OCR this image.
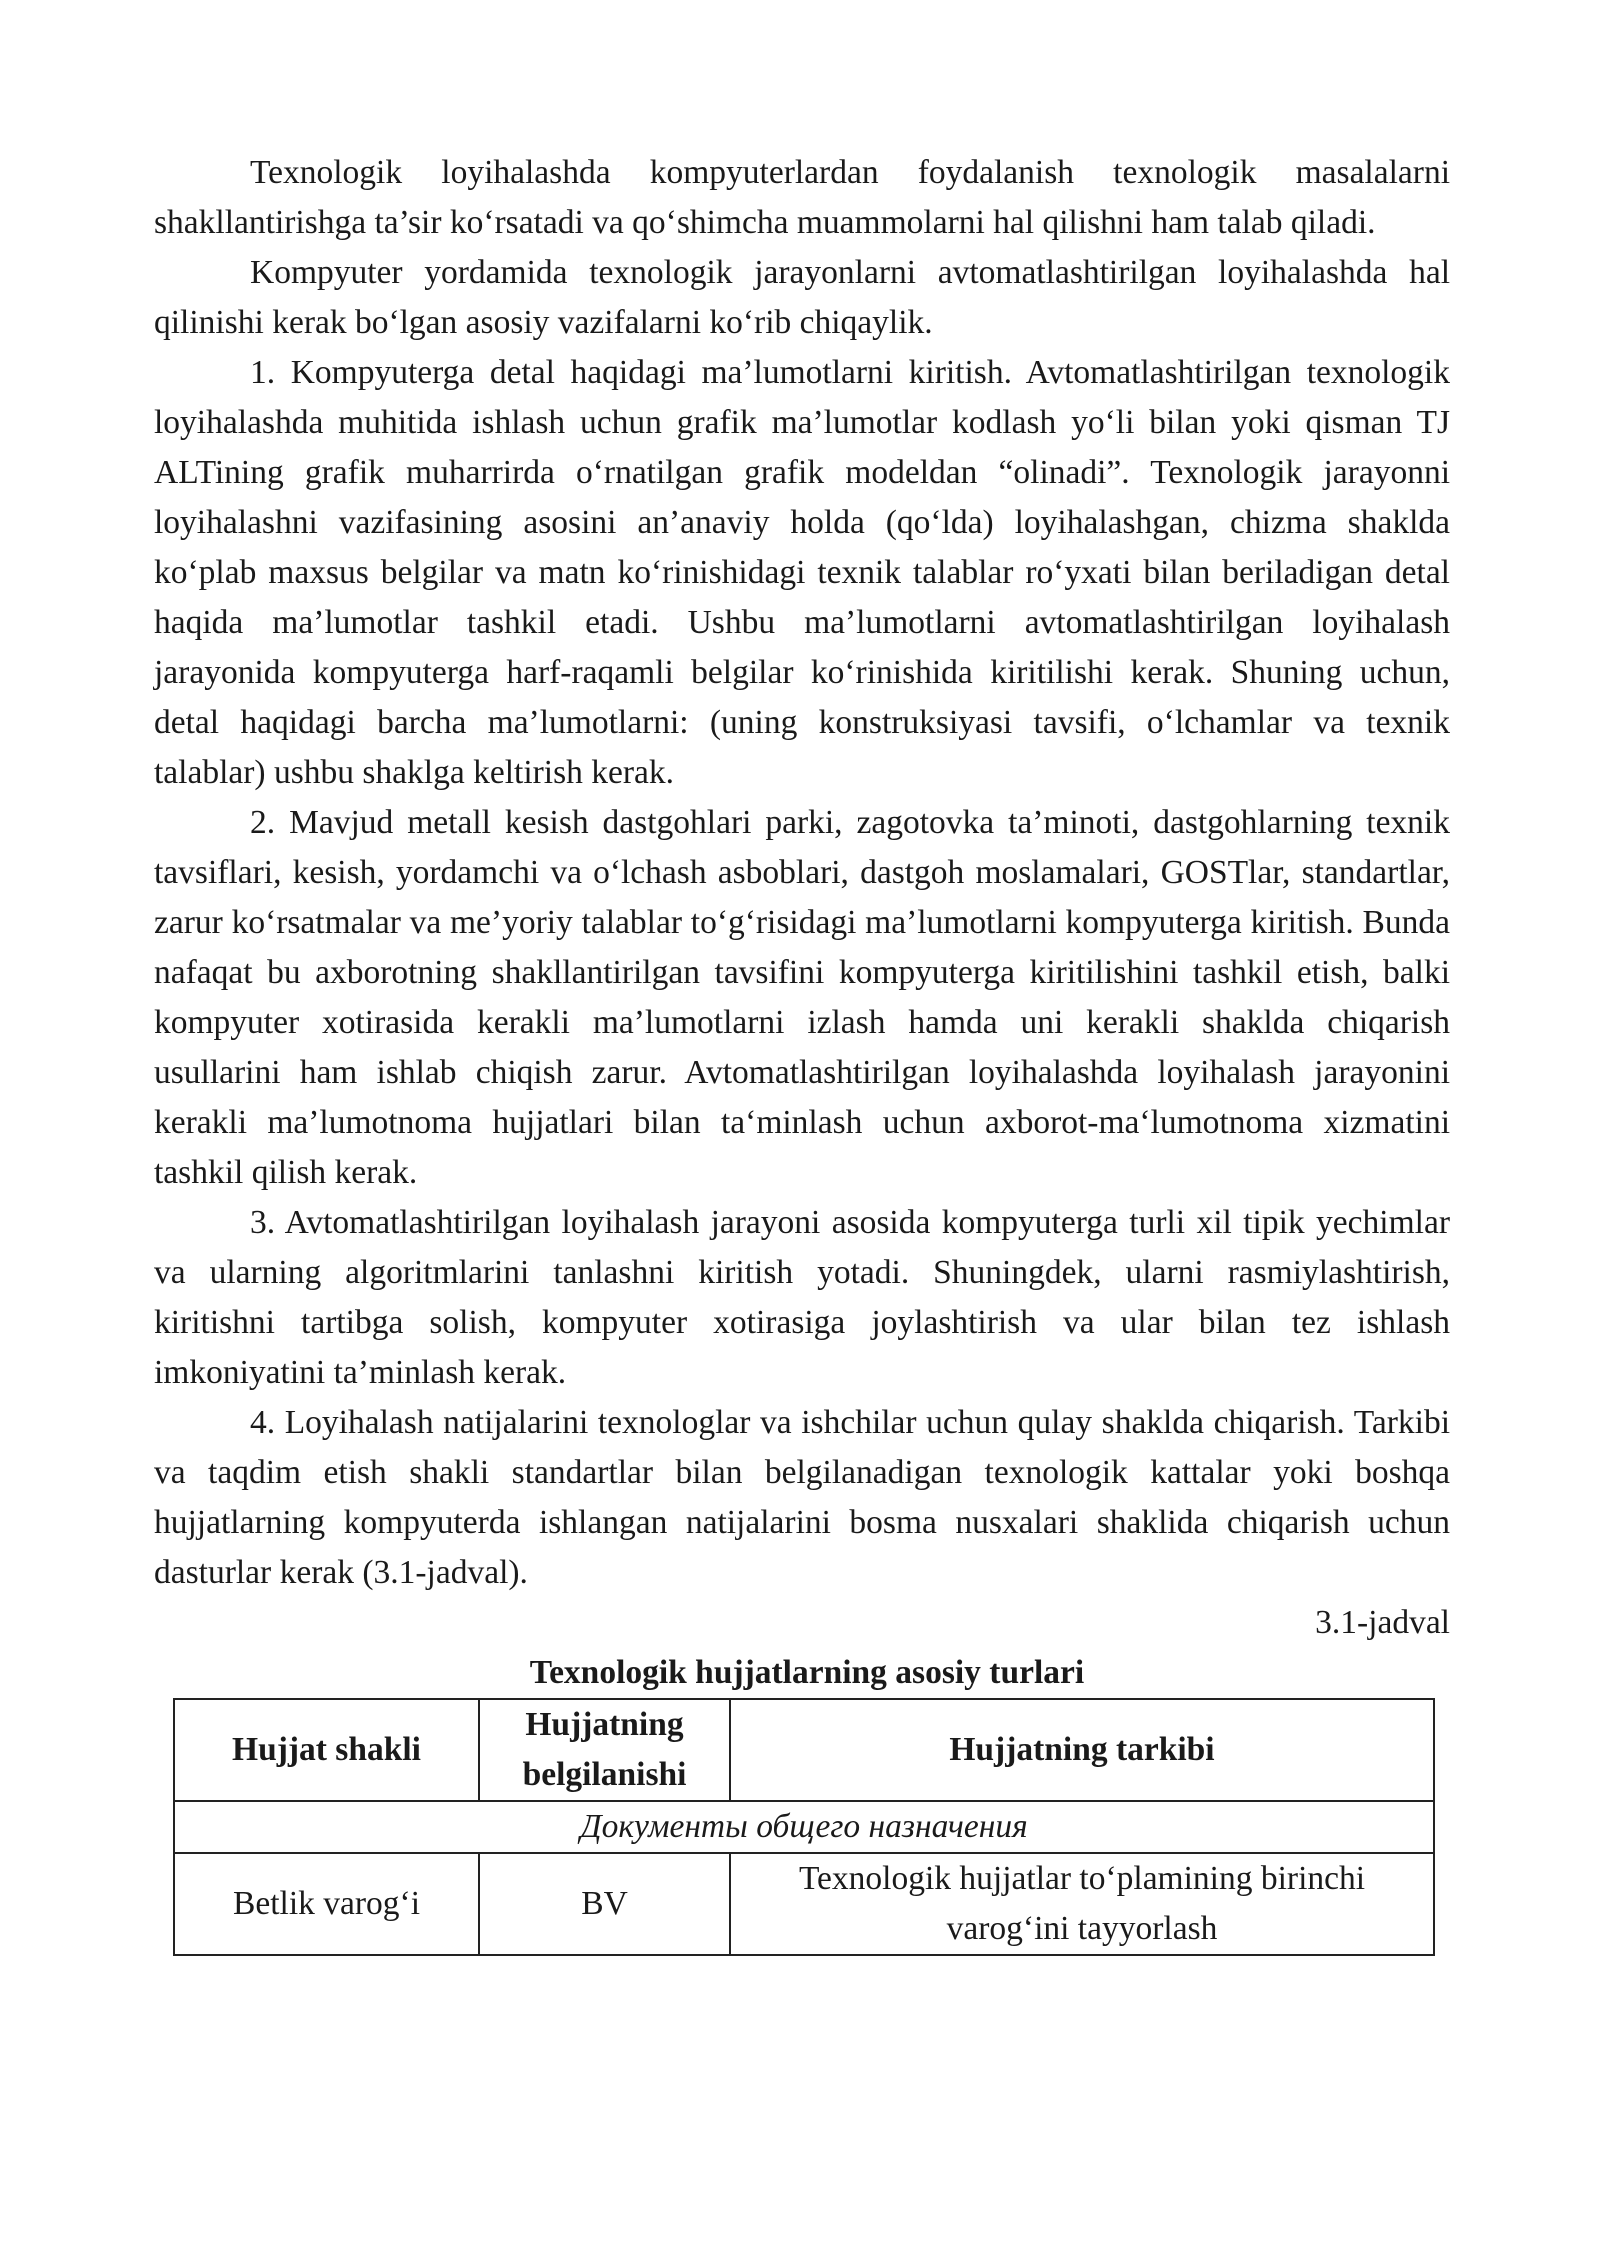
Texnologik loyihalashda kompyuterlardan foydalanish texnologik masalalarni shakllantirishga ta’sir ko‘rsatadi va qo‘shimcha muammolarni hal qilishni ham talab qiladi.

Kompyuter yordamida texnologik jarayonlarni avtomatlashtirilgan loyihalashda hal qilinishi kerak bo‘lgan asosiy vazifalarni ko‘rib chiqaylik.

1. Kompyuterga detal haqidagi ma’lumotlarni kiritish. Avtomatlashtirilgan texnologik loyihalashda muhitida ishlash uchun grafik ma’lumotlar kodlash yo‘li bilan yoki qisman TJ ALTining grafik muharrirda o‘rnatilgan grafik modeldan “olinadi”. Texnologik jarayonni loyihalashni vazifasining asosini an’anaviy holda (qo‘lda) loyihalashgan, chizma shaklda ko‘plab maxsus belgilar va matn ko‘rinishidagi texnik talablar ro‘yxati bilan beriladigan detal haqida ma’lumotlar tashkil etadi. Ushbu ma’lumotlarni avtomatlashtirilgan loyihalash jarayonida kompyuterga harf-raqamli belgilar ko‘rinishida kiritilishi kerak. Shuning uchun, detal haqidagi barcha ma’lumotlarni: (uning konstruksiyasi tavsifi, o‘lchamlar va texnik talablar) ushbu shaklga keltirish kerak.

2. Mavjud metall kesish dastgohlari parki, zagotovka ta’minoti, dastgohlarning texnik tavsiflari, kesish, yordamchi va o‘lchash asboblari, dastgoh moslamalari, GOSTlar, standartlar, zarur ko‘rsatmalar va me’yoriy talablar to‘g‘risidagi ma’lumotlarni kompyuterga kiritish. Bunda nafaqat bu axborotning shakllantirilgan tavsifini kompyuterga kiritilishini tashkil etish, balki kompyuter xotirasida kerakli ma’lumotlarni izlash hamda uni kerakli shaklda chiqarish usullarini ham ishlab chiqish zarur. Avtomatlashtirilgan loyihalashda loyihalash jarayonini kerakli ma’lumotnoma hujjatlari bilan ta‘minlash uchun axborot-ma‘lumotnoma xizmatini tashkil qilish kerak.

3. Avtomatlashtirilgan loyihalash jarayoni asosida kompyuterga turli xil tipik yechimlar va ularning algoritmlarini tanlashni kiritish yotadi. Shuningdek, ularni rasmiylashtirish, kiritishni tartibga solish, kompyuter xotirasiga joylashtirish va ular bilan tez ishlash imkoniyatini ta’minlash kerak.

4. Loyihalash natijalarini texnologlar va ishchilar uchun qulay shaklda chiqarish. Tarkibi va taqdim etish shakli standartlar bilan belgilanadigan texnologik kattalar yoki boshqa hujjatlarning kompyuterda ishlangan natijalarini bosma nusxalari shaklida chiqarish uchun dasturlar kerak (3.1-jadval).

3.1-jadval

Texnologik hujjatlarning asosiy turlari

Hujjat shakli	Hujjatning belgilanishi	Hujjatning tarkibi
Документы общего назначения		
Betlik varog‘i	BV	Texnologik hujjatlar to‘plamining birinchi varog‘ini tayyorlash
